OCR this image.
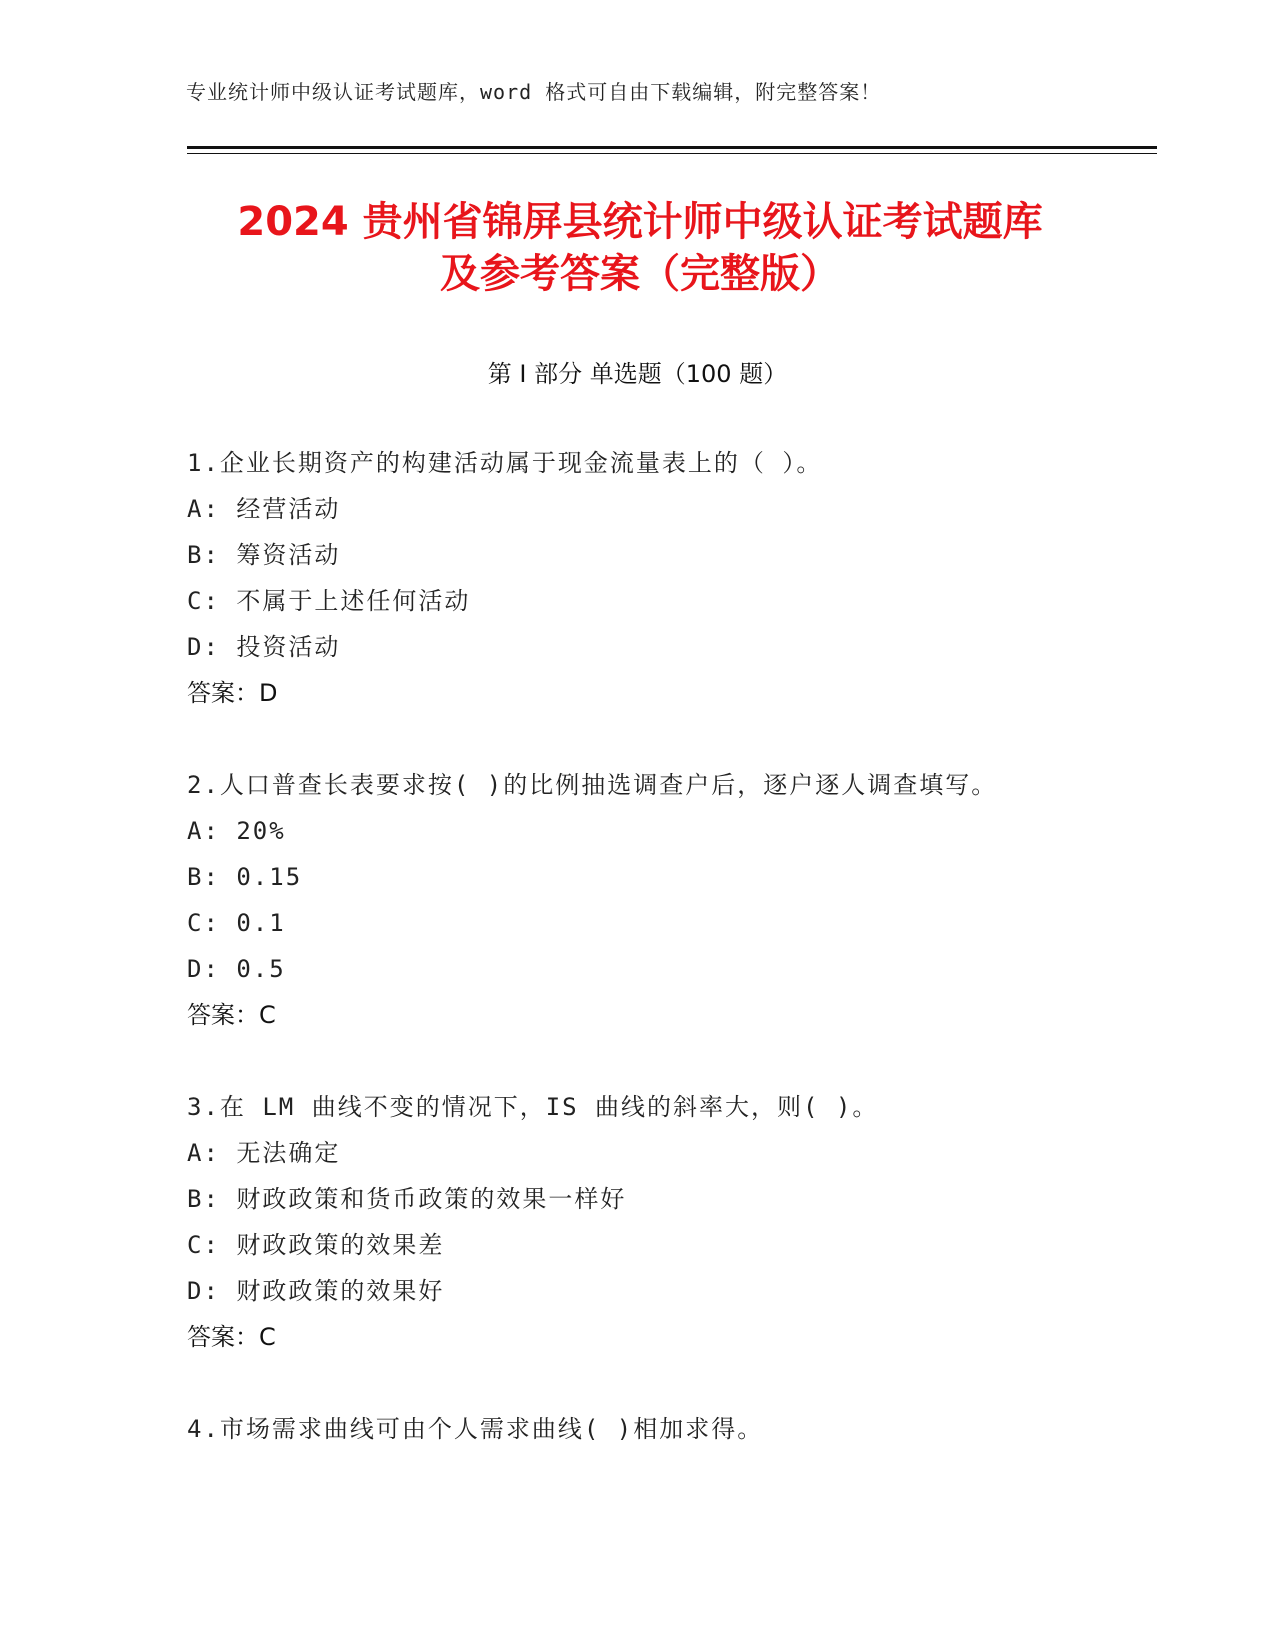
专业统计师中级认证考试题库，word 格式可自由下载编辑，附完整答案！
2024 贵州省锦屏县统计师中级认证考试题库
及参考答案（完整版）
第 I 部分 单选题（100 题）

1.企业长期资产的构建活动属于现金流量表上的（ ）。

A: 经营活动

B: 筹资活动

C: 不属于上述任何活动

D: 投资活动

答案：D

2.人口普查长表要求按( )的比例抽选调查户后，逐户逐人调查填写。

A: 20%

B: 0.15

C: 0.1

D: 0.5

答案：C

3.在 LM 曲线不变的情况下，IS 曲线的斜率大，则( )。

A: 无法确定

B: 财政政策和货币政策的效果一样好

C: 财政政策的效果差

D: 财政政策的效果好

答案：C

4.市场需求曲线可由个人需求曲线( )相加求得。
